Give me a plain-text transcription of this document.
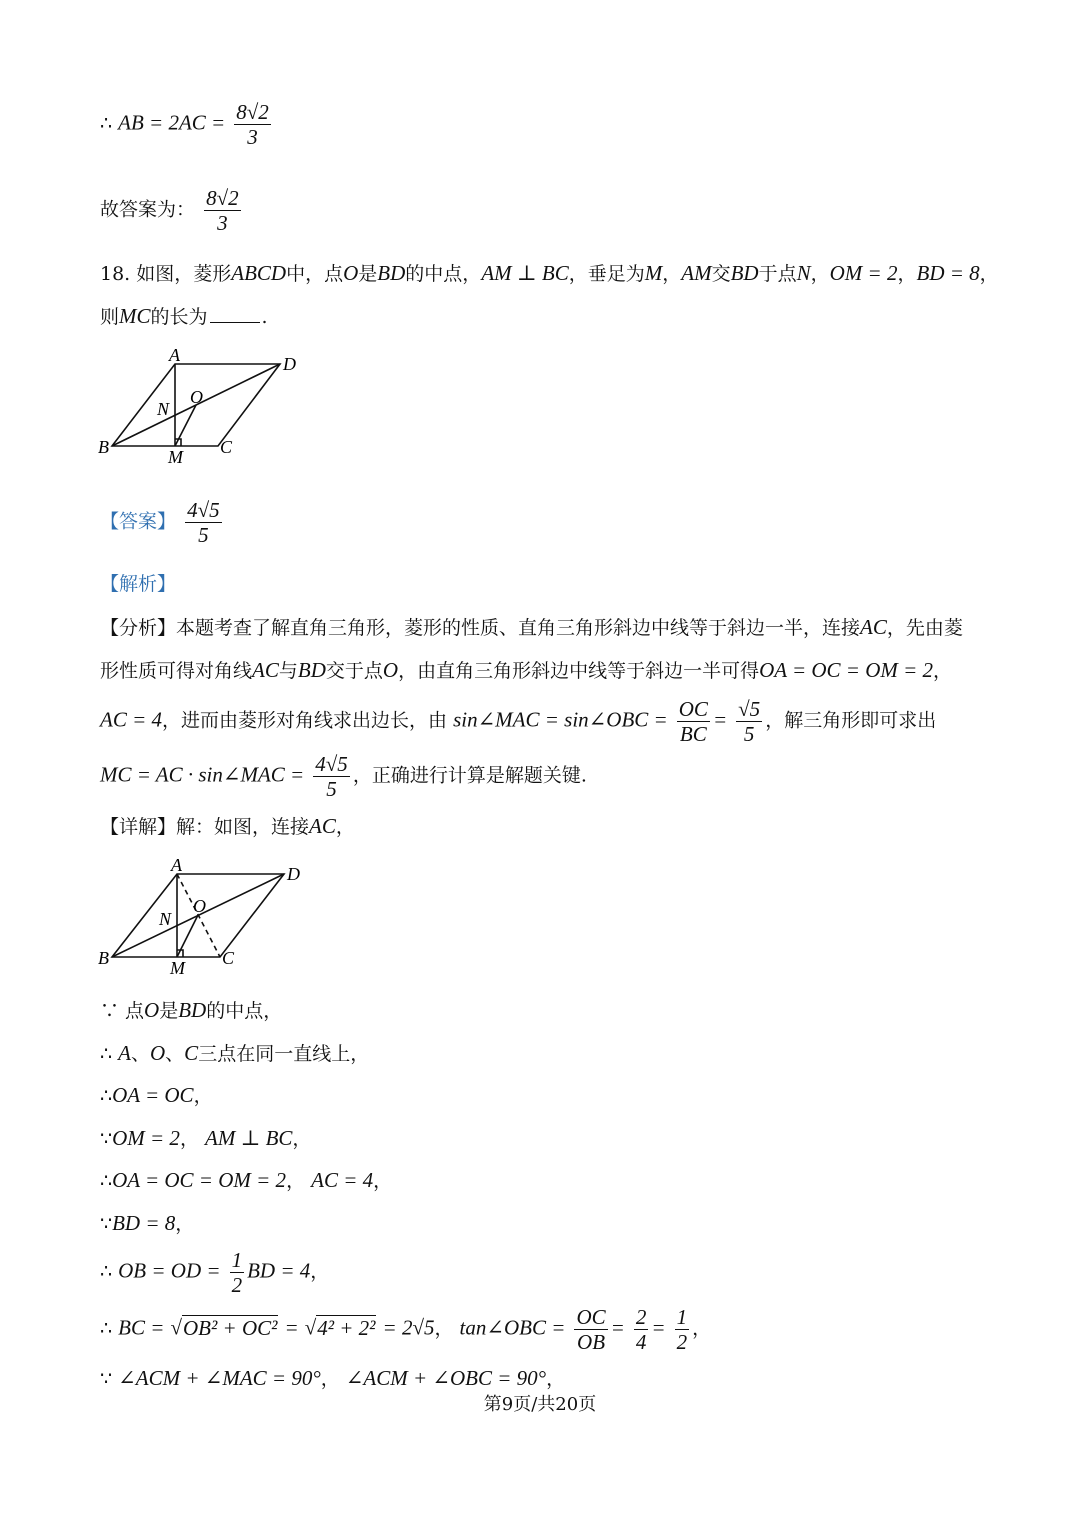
∴ AB = $2AC = \frac{8√2}{3}$
故答案为： $\frac{8√2}{3}$
18. 如图，菱形ABCD中，点O是BD的中点，AM ⊥ BC，垂足为M，AM交BD于点N，OM = 2，BD = 8，
则MC的长为	.
A
B	C
D
O
N
M
【答案】 $\frac{4√5}{5}$
【解析】
【分析】本题考查了解直角三角形，菱形的性质、直角三角形斜边中线等于斜边一半，连接AC，先由菱
形性质可得对角线AC与BD交于点O，由直角三角形斜边中线等于斜边一半可得OA = OC = OM = 2，
AC = 4，进而由菱形对角线求出边长，由 sin∠MAC = sin∠OBC = $\frac{OC}{BC} = \frac{√5}{5}$ ，解三角形即可求出
MC = AC · sin∠MAC = $\frac{4√5}{5}$ ，正确进行计算是解题关键.
【详解】解：如图，连接AC，
A
B	C
D
O
N
M
∵ 点O是BD的中点，
∴ A、O、C三点在同一直线上，
∴OA = OC，
∵OM = 2， AM ⊥ BC，
∴OA = OC = OM = 2， AC = 4，
∵BD = 8，
∴ OB = OD = $\frac{1}{2}$ BD = 4，
∴ BC = √OB² + OC² = √4² + 2² = 2√5， tan∠OBC = $\frac{OC}{OB} = \frac{2}{4} = \frac{1}{2}$ ，
∵ ∠ACM + ∠MAC = 90°， ∠ACM + ∠OBC = 90°，
第9页/共20页
